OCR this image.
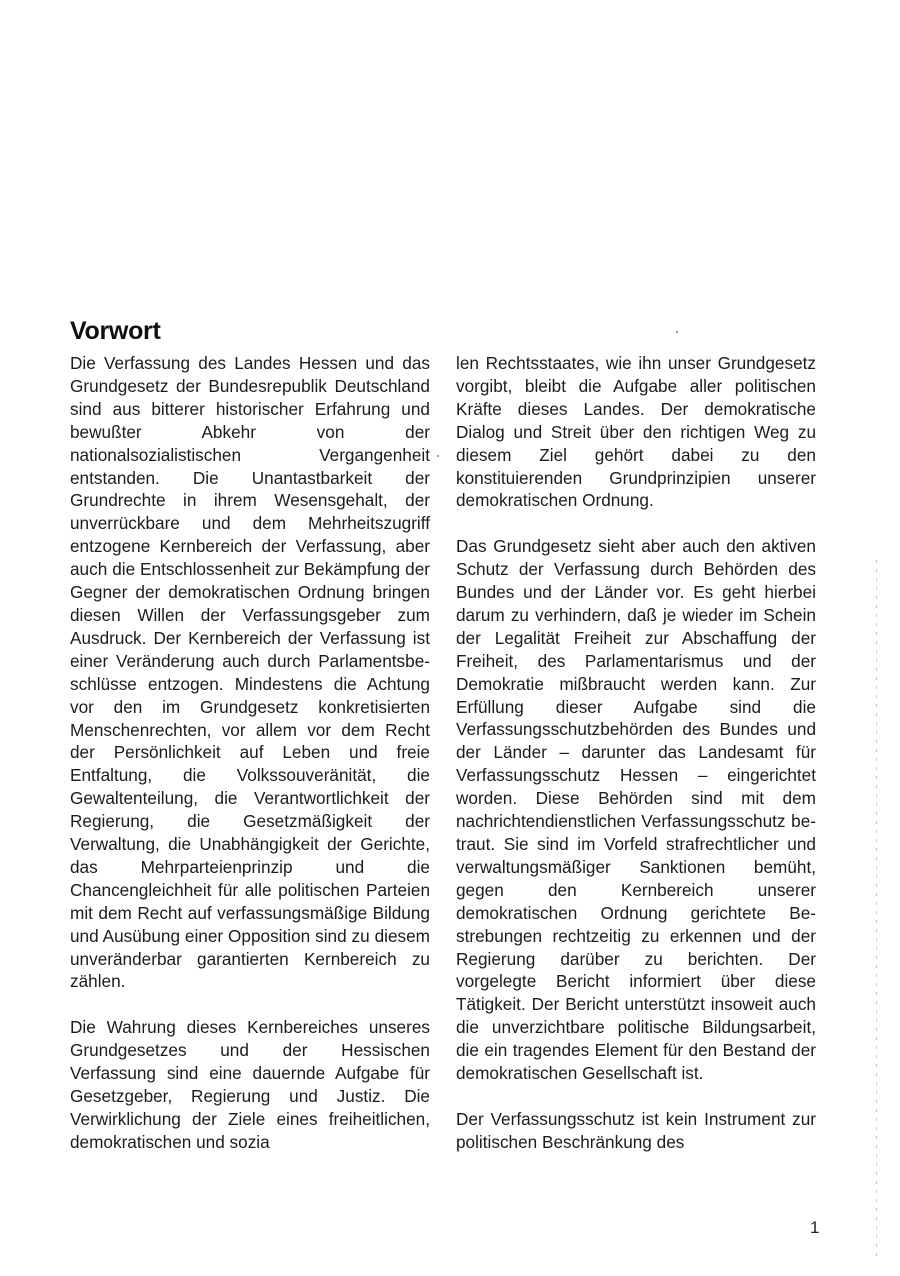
Vorwort

Die Verfassung des Landes Hessen und das Grundgesetz der Bundesrepublik Deutschland sind aus bitterer historischer Erfahrung und bewußter Abkehr von der nationalsozialistischen Vergangenheit entstanden. Die Unantastbarkeit der Grundrechte in ihrem Wesensgehalt, der unverrückbare und dem Mehrheitszugriff entzogene Kernbereich der Verfassung, aber auch die Entschlossenheit zur Bekämpfung der Gegner der demokratischen Ordnung bringen diesen Willen der Verfassungsgeber zum Ausdruck. Der Kernbereich der Verfassung ist einer Veränderung auch durch Parlamentsbeschlüsse entzogen. Mindestens die Achtung vor den im Grundgesetz konkretisierten Menschenrechten, vor allem vor dem Recht der Persönlichkeit auf Leben und freie Entfaltung, die Volkssouveränität, die Gewaltenteilung, die Verantwortlichkeit der Regierung, die Gesetzmäßigkeit der Verwaltung, die Unabhängigkeit der Gerichte, das Mehrparteienprinzip und die Chancengleichheit für alle politischen Parteien mit dem Recht auf verfassungsmäßige Bildung und Ausübung einer Opposition sind zu diesem unveränderbar garantierten Kernbereich zu zählen.

Die Wahrung dieses Kernbereiches unseres Grundgesetzes und der Hessischen Verfassung sind eine dauernde Aufgabe für Gesetzgeber, Regierung und Justiz. Die Verwirklichung der Ziele eines freiheitlichen, demokratischen und sozia

len Rechtsstaates, wie ihn unser Grundgesetz vorgibt, bleibt die Aufgabe aller politischen Kräfte dieses Landes. Der demokratische Dialog und Streit über den richtigen Weg zu diesem Ziel gehört dabei zu den konstituierenden Grundprinzipien unserer demokratischen Ordnung.

Das Grundgesetz sieht aber auch den aktiven Schutz der Verfassung durch Behörden des Bundes und der Länder vor. Es geht hierbei darum zu verhindern, daß je wieder im Schein der Legalität Freiheit zur Abschaffung der Freiheit, des Parlamentarismus und der Demokratie mißbraucht werden kann. Zur Erfüllung dieser Aufgabe sind die Verfassungsschutzbehörden des Bundes und der Länder – darunter das Landesamt für Verfassungsschutz Hessen – eingerichtet worden. Diese Behörden sind mit dem nachrichtendienstlichen Verfassungsschutz betraut. Sie sind im Vorfeld strafrechtlicher und verwaltungsmäßiger Sanktionen bemüht, gegen den Kernbereich unserer demokratischen Ordnung gerichtete Bestrebungen rechtzeitig zu erkennen und der Regierung darüber zu berichten. Der vorgelegte Bericht informiert über diese Tätigkeit. Der Bericht unterstützt insoweit auch die unverzichtbare politische Bildungsarbeit, die ein tragendes Element für den Bestand der demokratischen Gesellschaft ist.

Der Verfassungsschutz ist kein Instrument zur politischen Beschränkung des

1
